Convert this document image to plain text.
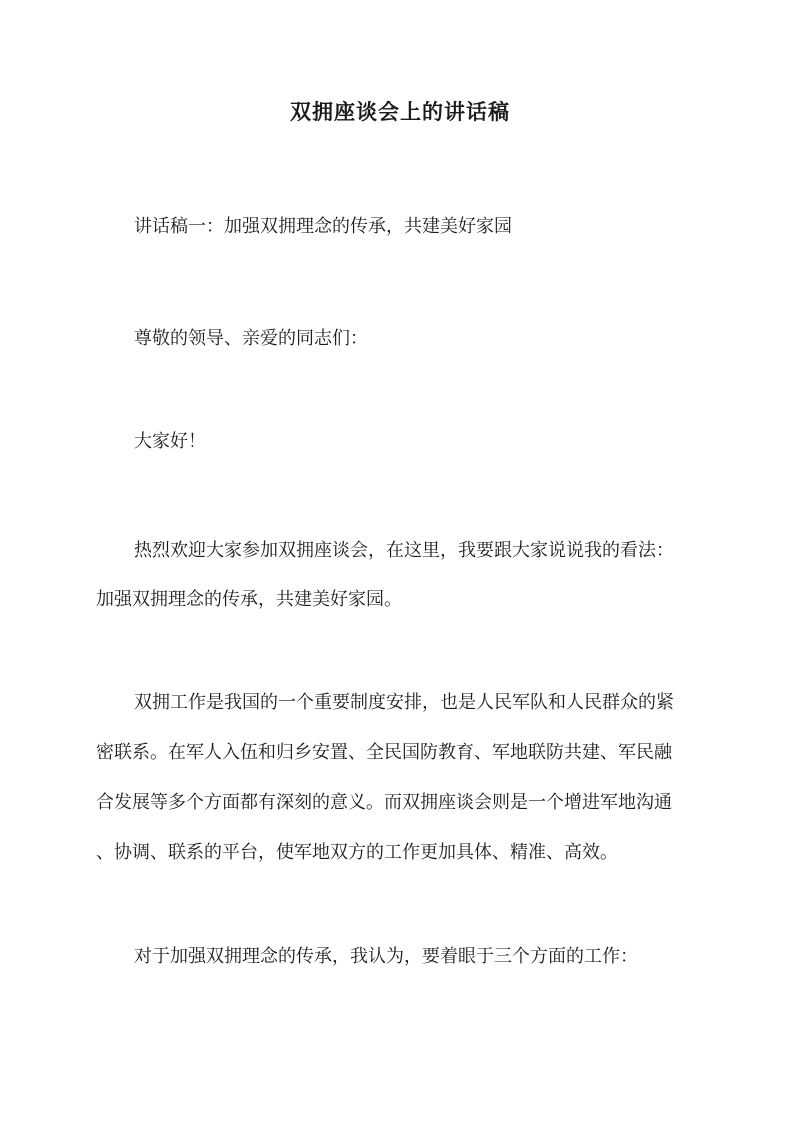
双拥座谈会上的讲话稿
讲话稿一：加强双拥理念的传承，共建美好家园
尊敬的领导、亲爱的同志们：
大家好！
热烈欢迎大家参加双拥座谈会，在这里，我要跟大家说说我的看法：
加强双拥理念的传承，共建美好家园。
双拥工作是我国的一个重要制度安排，也是人民军队和人民群众的紧
密联系。在军人入伍和归乡安置、全民国防教育、军地联防共建、军民融
合发展等多个方面都有深刻的意义。而双拥座谈会则是一个增进军地沟通
、协调、联系的平台，使军地双方的工作更加具体、精准、高效。
对于加强双拥理念的传承，我认为，要着眼于三个方面的工作：
